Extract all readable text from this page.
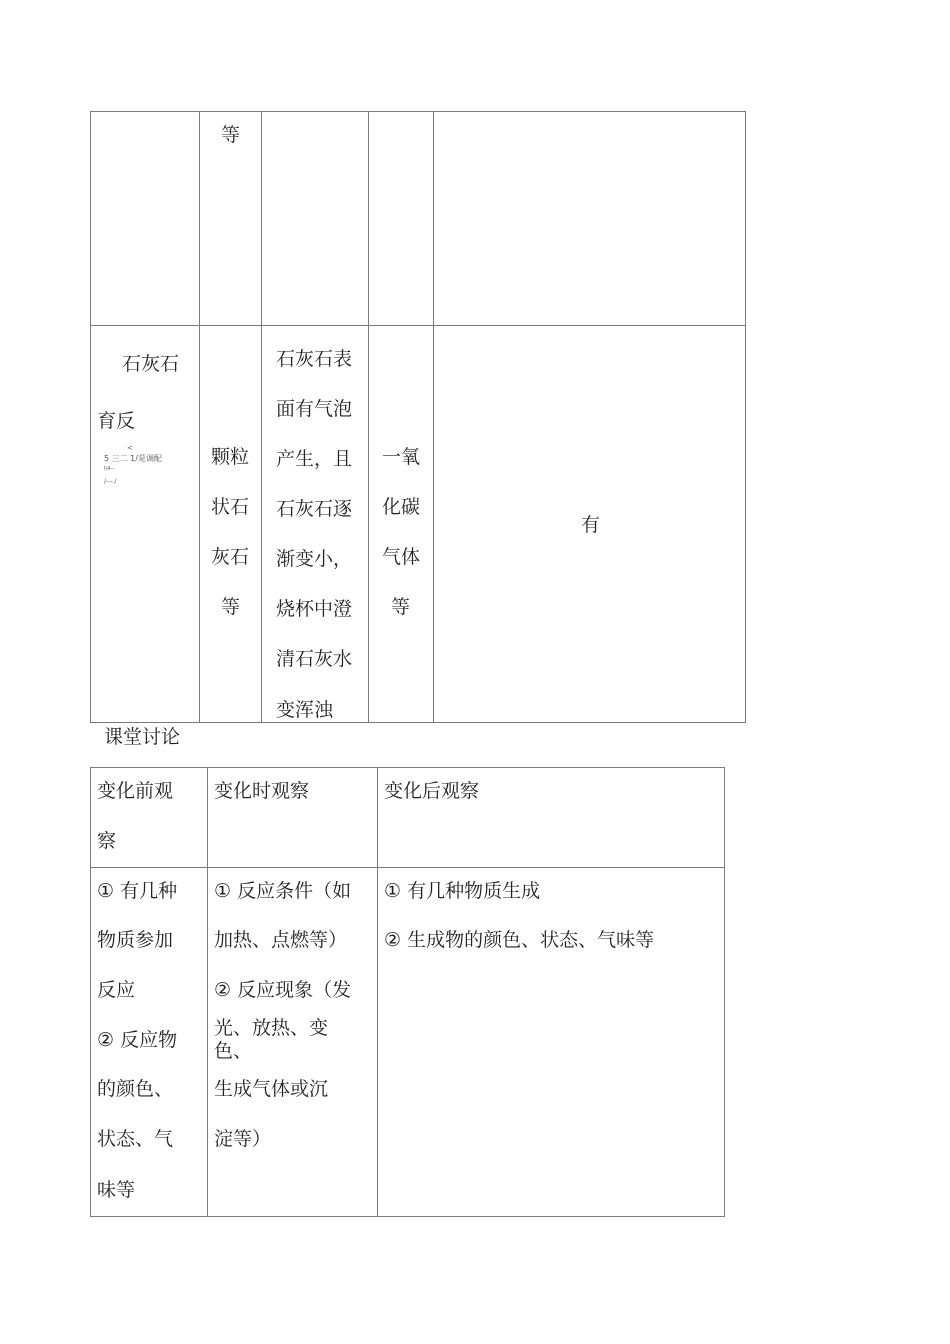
等
石灰石
育反
<
5 三二 1/是调配
l\4--
/---./
颗粒
状石
灰石
等
石灰石表
面有气泡
产生，且
石灰石逐
渐变小，
烧杯中澄
清石灰水
变浑浊
一氧
化碳
气体
等
有
课堂讨论
变化前观
察
变化时观察	变化后观察
① 有几种
物质参加
反应
② 反应物
的颜色、
状态、气
味等
① 反应条件（如
加热、点燃等）
② 反应现象（发
光、放热、变
色、
生成气体或沉
淀等）
① 有几种物质生成
② 生成物的颜色、状态、气味等
